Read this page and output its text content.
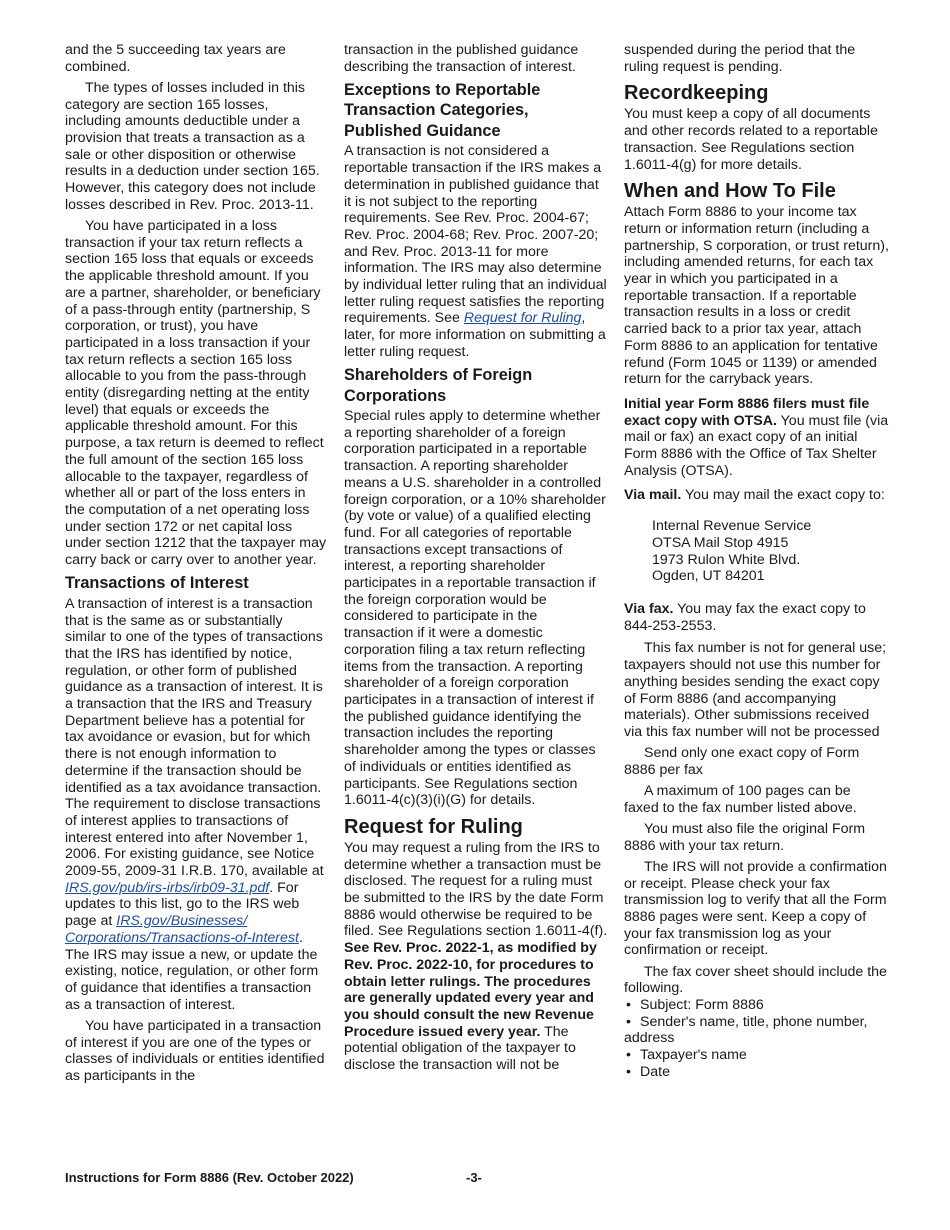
and the 5 succeeding tax years are combined.

The types of losses included in this category are section 165 losses, including amounts deductible under a provision that treats a transaction as a sale or other disposition or otherwise results in a deduction under section 165. However, this category does not include losses described in Rev. Proc. 2013-11.

You have participated in a loss transaction if your tax return reflects a section 165 loss that equals or exceeds the applicable threshold amount. If you are a partner, shareholder, or beneficiary of a pass-through entity (partnership, S corporation, or trust), you have participated in a loss transaction if your tax return reflects a section 165 loss allocable to you from the pass-through entity (disregarding netting at the entity level) that equals or exceeds the applicable threshold amount. For this purpose, a tax return is deemed to reflect the full amount of the section 165 loss allocable to the taxpayer, regardless of whether all or part of the loss enters in the computation of a net operating loss under section 172 or net capital loss under section 1212 that the taxpayer may carry back or carry over to another year.

Transactions of Interest

A transaction of interest is a transaction that is the same as or substantially similar to one of the types of transactions that the IRS has identified by notice, regulation, or other form of published guidance as a transaction of interest. It is a transaction that the IRS and Treasury Department believe has a potential for tax avoidance or evasion, but for which there is not enough information to determine if the transaction should be identified as a tax avoidance transaction. The requirement to disclose transactions of interest applies to transactions of interest entered into after November 1, 2006. For existing guidance, see Notice 2009-55, 2009-31 I.R.B. 170, available at IRS.gov/pub/irs-irbs/irb09-31.pdf. For updates to this list, go to the IRS web page at IRS.gov/Businesses/ Corporations/Transactions-of-Interest. The IRS may issue a new, or update the existing, notice, regulation, or other form of guidance that identifies a transaction as a transaction of interest.

You have participated in a transaction of interest if you are one of the types or classes of individuals or entities identified as participants in the

transaction in the published guidance describing the transaction of interest.

Exceptions to Reportable Transaction Categories, Published Guidance

A transaction is not considered a reportable transaction if the IRS makes a determination in published guidance that it is not subject to the reporting requirements. See Rev. Proc. 2004-67; Rev. Proc. 2004-68; Rev. Proc. 2007-20; and Rev. Proc. 2013-11 for more information. The IRS may also determine by individual letter ruling that an individual letter ruling request satisfies the reporting requirements. See Request for Ruling, later, for more information on submitting a letter ruling request.

Shareholders of Foreign Corporations

Special rules apply to determine whether a reporting shareholder of a foreign corporation participated in a reportable transaction. A reporting shareholder means a U.S. shareholder in a controlled foreign corporation, or a 10% shareholder (by vote or value) of a qualified electing fund. For all categories of reportable transactions except transactions of interest, a reporting shareholder participates in a reportable transaction if the foreign corporation would be considered to participate in the transaction if it were a domestic corporation filing a tax return reflecting items from the transaction. A reporting shareholder of a foreign corporation participates in a transaction of interest if the published guidance identifying the transaction includes the reporting shareholder among the types or classes of individuals or entities identified as participants. See Regulations section 1.6011-4(c)(3)(i)(G) for details.

Request for Ruling

You may request a ruling from the IRS to determine whether a transaction must be disclosed. The request for a ruling must be submitted to the IRS by the date Form 8886 would otherwise be required to be filed. See Regulations section 1.6011-4(f). See Rev. Proc. 2022-1, as modified by Rev. Proc. 2022-10, for procedures to obtain letter rulings. The procedures are generally updated every year and you should consult the new Revenue Procedure issued every year. The potential obligation of the taxpayer to disclose the transaction will not be

suspended during the period that the ruling request is pending.

Recordkeeping

You must keep a copy of all documents and other records related to a reportable transaction. See Regulations section 1.6011-4(g) for more details.

When and How To File

Attach Form 8886 to your income tax return or information return (including a partnership, S corporation, or trust return), including amended returns, for each tax year in which you participated in a reportable transaction. If a reportable transaction results in a loss or credit carried back to a prior tax year, attach Form 8886 to an application for tentative refund (Form 1045 or 1139) or amended return for the carryback years.

Initial year Form 8886 filers must file exact copy with OTSA. You must file (via mail or fax) an exact copy of an initial Form 8886 with the Office of Tax Shelter Analysis (OTSA).

Via mail. You may mail the exact copy to:

Internal Revenue Service
OTSA Mail Stop 4915
1973 Rulon White Blvd.
Ogden, UT 84201

Via fax. You may fax the exact copy to 844-253-2553.

This fax number is not for general use; taxpayers should not use this number for anything besides sending the exact copy of Form 8886 (and accompanying materials). Other submissions received via this fax number will not be processed

Send only one exact copy of Form 8886 per fax

A maximum of 100 pages can be faxed to the fax number listed above.

You must also file the original Form 8886 with your tax return.

The IRS will not provide a confirmation or receipt. Please check your fax transmission log to verify that all the Form 8886 pages were sent. Keep a copy of your fax transmission log as your confirmation or receipt.

The fax cover sheet should include the following.

• Subject: Form 8886
• Sender's name, title, phone number, address
• Taxpayer's name
• Date
Instructions for Form 8886 (Rev. October 2022)	-3-
